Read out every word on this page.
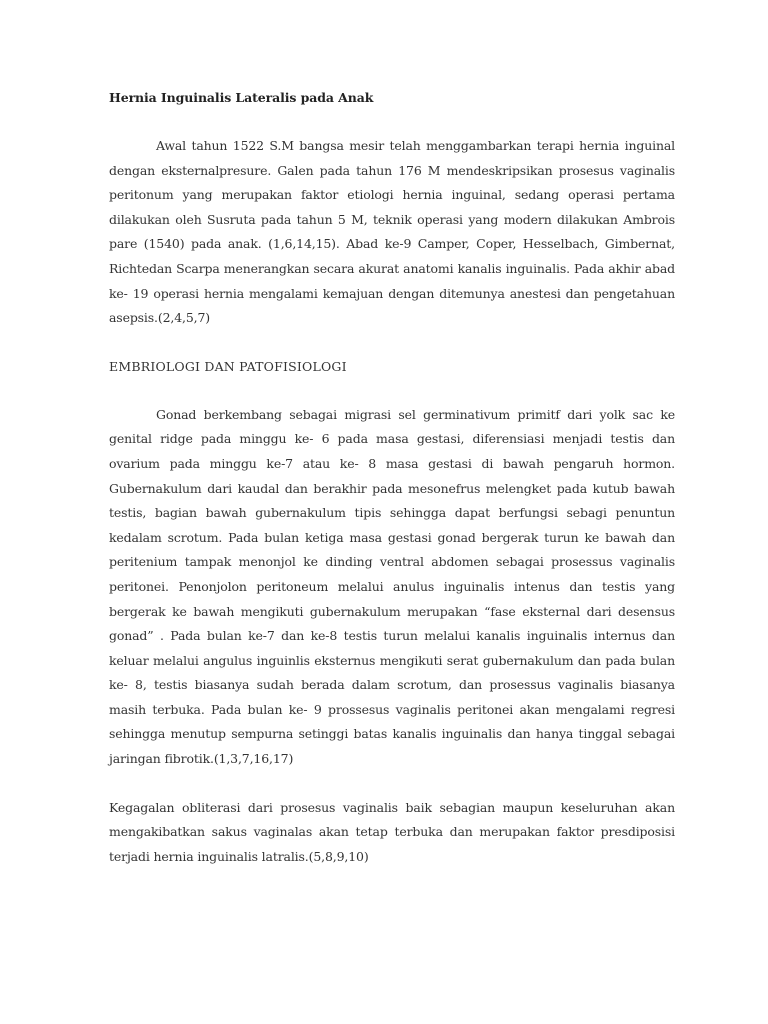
Hernia Inguinalis Lateralis pada Anak

Awal tahun 1522 S.M bangsa mesir telah menggambarkan terapi hernia inguinal dengan eksternalpresure. Galen pada tahun 176 M mendeskripsikan prosesus vaginalis peritonum yang merupakan faktor etiologi hernia inguinal, sedang operasi pertama dilakukan oleh Susruta pada tahun 5 M, teknik operasi yang modern dilakukan Ambrois pare (1540) pada anak. (1,6,14,15). Abad ke-9 Camper, Coper, Hesselbach, Gimbernat, Richtedan Scarpa menerangkan secara akurat anatomi kanalis inguinalis. Pada akhir abad ke- 19 operasi hernia mengalami kemajuan dengan ditemunya anestesi dan pengetahuan asepsis.(2,4,5,7)

EMBRIOLOGI DAN PATOFISIOLOGI

Gonad berkembang sebagai migrasi sel germinativum primitf dari yolk sac ke genital ridge pada minggu ke- 6 pada masa gestasi, diferensiasi menjadi testis dan ovarium pada minggu ke-7 atau ke- 8 masa gestasi di bawah pengaruh hormon. Gubernakulum dari kaudal dan berakhir pada mesonefrus melengket pada kutub bawah testis, bagian bawah gubernakulum tipis sehingga dapat berfungsi sebagi penuntun kedalam scrotum. Pada bulan ketiga masa gestasi gonad bergerak turun ke bawah dan peritenium tampak menonjol ke dinding ventral abdomen sebagai prosessus vaginalis peritonei. Penonjolon peritoneum melalui anulus inguinalis intenus dan testis yang bergerak ke bawah mengikuti gubernakulum merupakan “fase eksternal dari desensus gonad” . Pada bulan ke-7 dan ke-8 testis turun melalui kanalis inguinalis internus dan keluar melalui angulus inguinlis eksternus mengikuti serat gubernakulum dan pada bulan ke- 8, testis biasanya sudah berada dalam scrotum, dan prosessus vaginalis biasanya masih terbuka. Pada bulan ke- 9 prossesus vaginalis peritonei akan mengalami regresi sehingga menutup sempurna setinggi batas kanalis inguinalis dan hanya tinggal sebagai jaringan fibrotik.(1,3,7,16,17)

Kegagalan obliterasi dari prosesus vaginalis baik sebagian maupun keseluruhan akan mengakibatkan sakus vaginalas akan tetap terbuka dan merupakan faktor presdiposisi terjadi hernia inguinalis latralis.(5,8,9,10)
